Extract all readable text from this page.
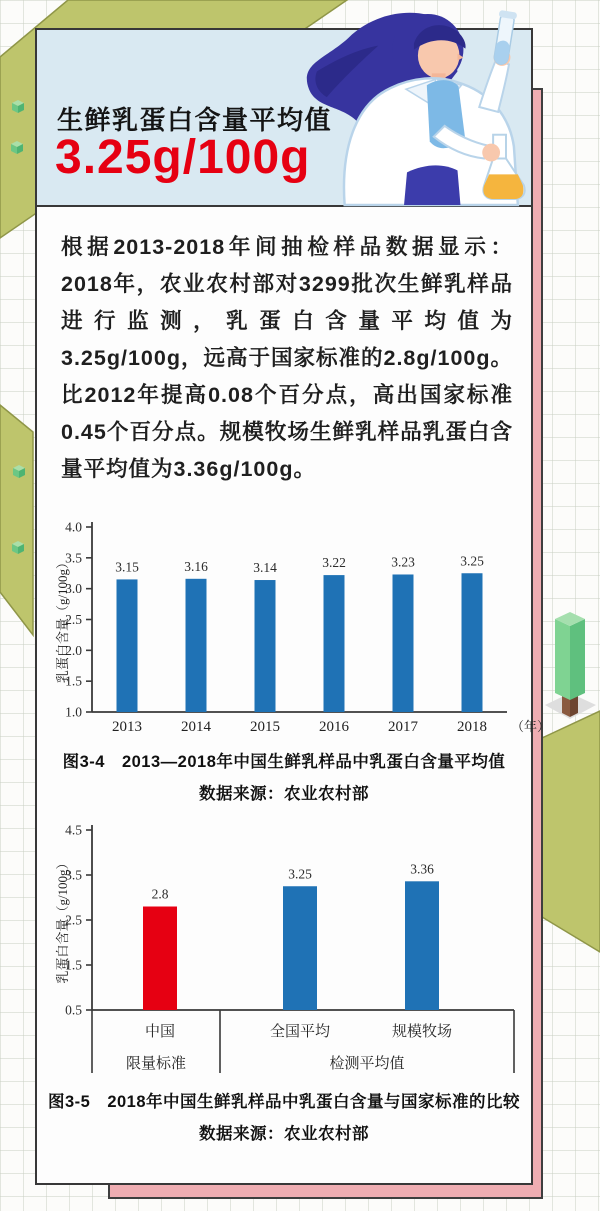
生鲜乳蛋白含量平均值
3.25g/100g

根据2013-2018年间抽检样品数据显示：2018年，农业农村部对3299批次生鲜乳样品进行监测，乳蛋白含量平均值为3.25g/100g，远高于国家标准的2.8g/100g。比2012年提高0.08个百分点，高出国家标准0.45个百分点。规模牧场生鲜乳样品乳蛋白含量平均值为3.36g/100g。

1.0
1.5
2.0
2.5
3.0
3.5
4.0
3.15
2013
3.16
2014
3.14
2015
3.22
2016
3.23
2017
3.25
2018 （年）
乳蛋白含量（g/100g）
图3-4　2013—2018年中国生鲜乳样品中乳蛋白含量平均值
数据来源：农业农村部
0.5
1.5
2.5
3.5
4.5
2.8
中国
3.25
全国平均
3.36
规模牧场
限量标准	检测平均值
乳蛋白含量（g/100g）
图3-5　2018年中国生鲜乳样品中乳蛋白含量与国家标准的比较
数据来源：农业农村部
